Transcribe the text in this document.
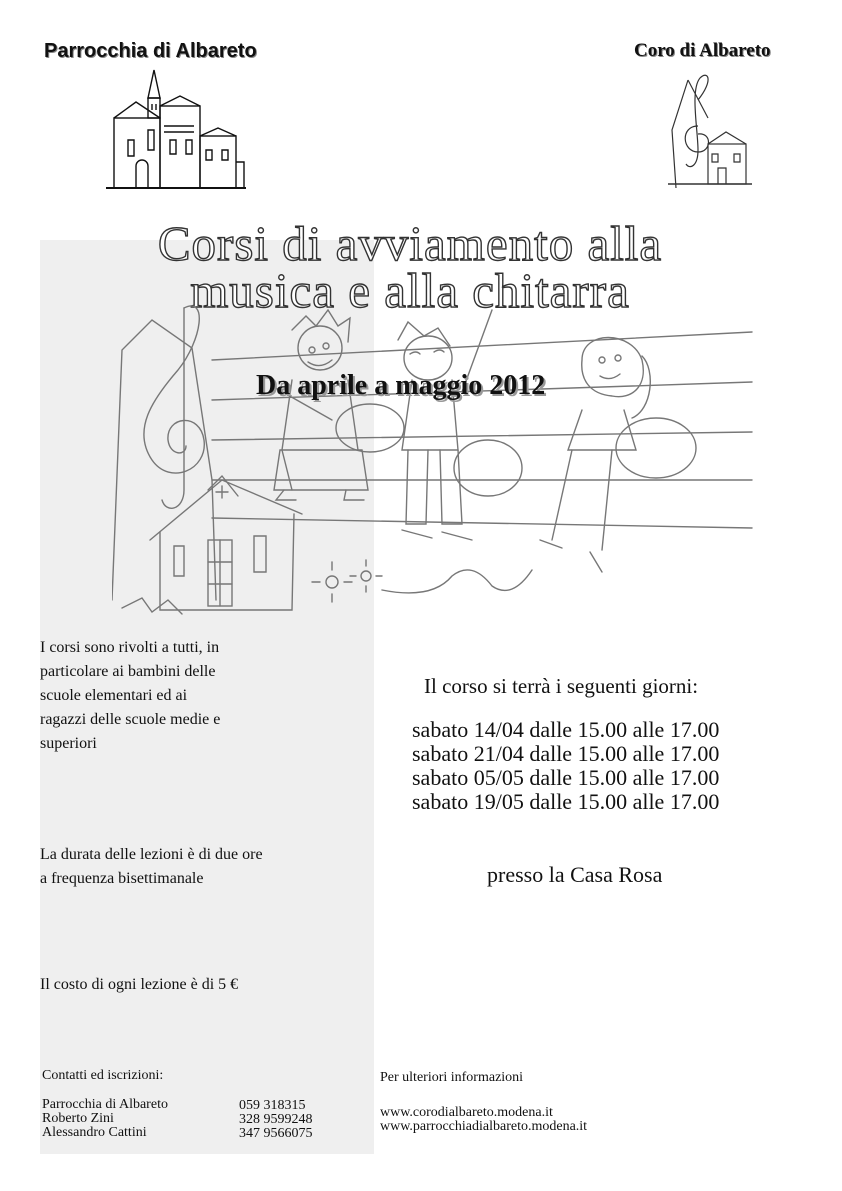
Parrocchia di Albareto	Coro di Albareto
Corsi di avviamento alla
musica e alla chitarra
Da aprile a maggio 2012
I corsi sono rivolti a tutti, in
particolare ai bambini delle
scuole elementari ed ai
ragazzi delle scuole medie e
superiori
La durata delle lezioni è di due ore
a frequenza bisettimanale
Il costo di ogni lezione è di 5 €
Il corso si terrà i seguenti giorni:
sabato 14/04 dalle 15.00 alle 17.00
sabato 21/04 dalle 15.00 alle 17.00
sabato 05/05 dalle 15.00 alle 17.00
sabato 19/05 dalle 15.00 alle 17.00
presso la Casa Rosa
Contatti ed iscrizioni:
Parrocchia di Albareto
Roberto Zini
Alessandro Cattini
059 318315
328 9599248
347 9566075
Per ulteriori informazioni
www.corodialbareto.modena.it
www.parrocchiadialbareto.modena.it
